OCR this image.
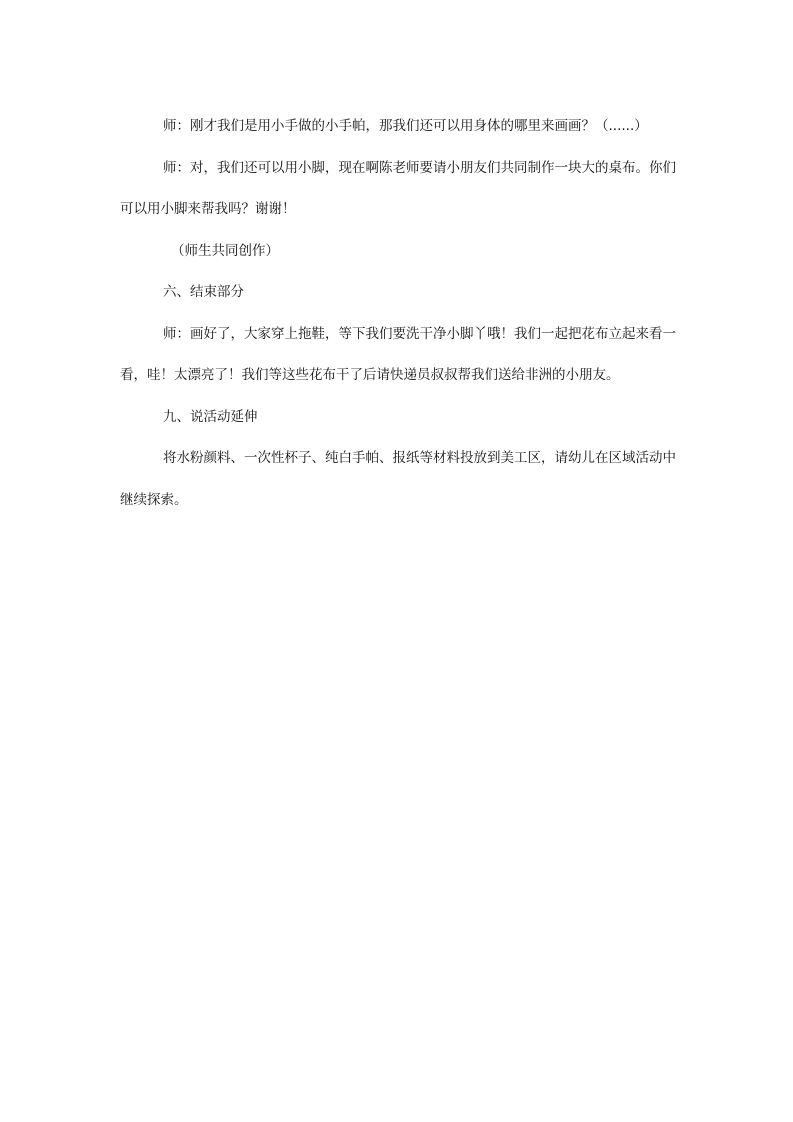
师：刚才我们是用小手做的小手帕，那我们还可以用身体的哪里来画画？（......）

师：对，我们还可以用小脚，现在啊陈老师要请小朋友们共同制作一块大的桌布。你们可以用小脚来帮我吗？谢谢！

（师生共同创作）

六、结束部分

师：画好了，大家穿上拖鞋，等下我们要洗干净小脚丫哦！我们一起把花布立起来看一看，哇！太漂亮了！我们等这些花布干了后请快递员叔叔帮我们送给非洲的小朋友。

九、说活动延伸

将水粉颜料、一次性杯子、纯白手帕、报纸等材料投放到美工区，请幼儿在区域活动中继续探索。
